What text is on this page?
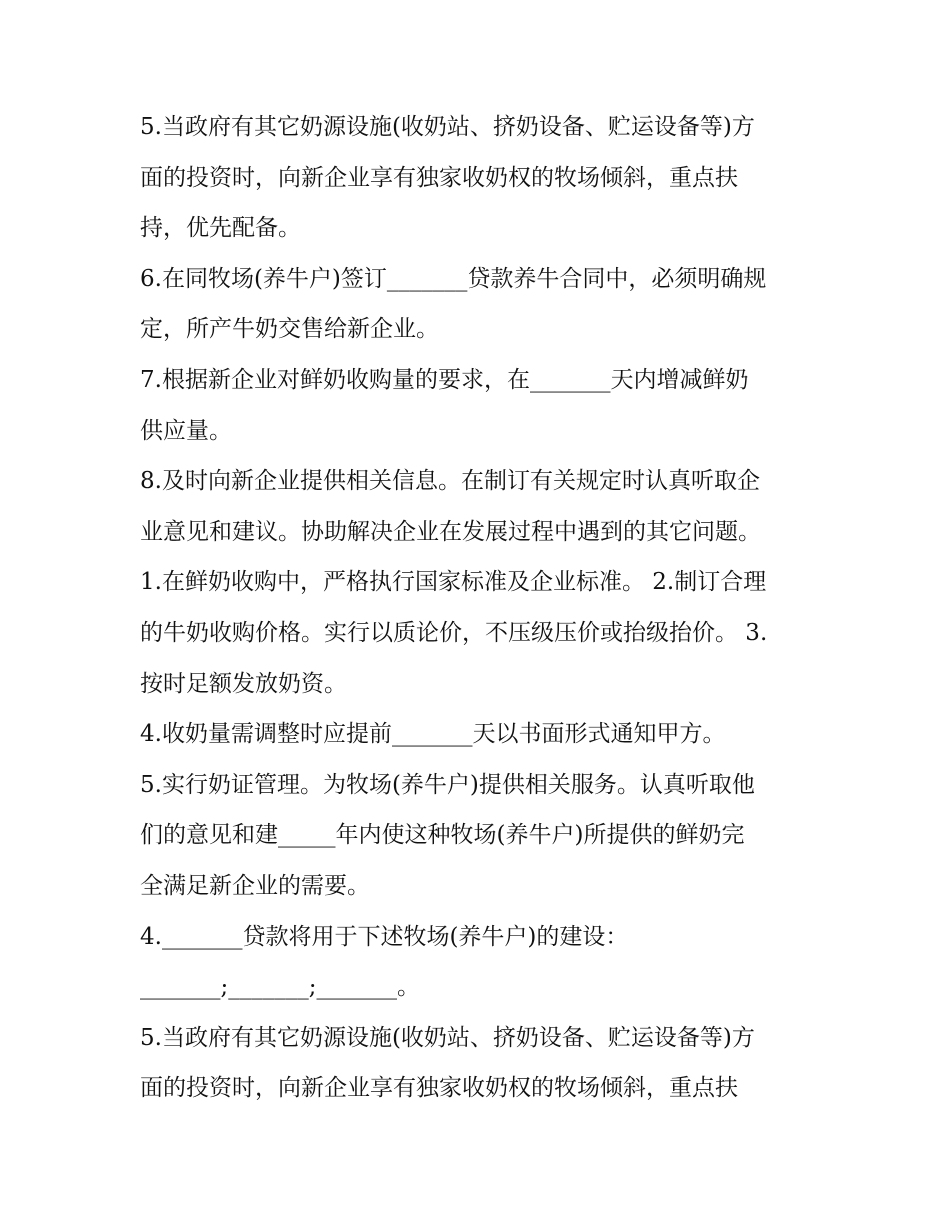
5.当政府有其它奶源设施(收奶站、挤奶设备、贮运设备等)方
面的投资时，向新企业享有独家收奶权的牧场倾斜，重点扶
持，优先配备。
6.在同牧场(养牛户)签订_______贷款养牛合同中，必须明确规
定，所产牛奶交售给新企业。
7.根据新企业对鲜奶收购量的要求，在_______天内增减鲜奶
供应量。
8.及时向新企业提供相关信息。在制订有关规定时认真听取企
业意见和建议。协助解决企业在发展过程中遇到的其它问题。
1.在鲜奶收购中，严格执行国家标准及企业标准。 2.制订合理
的牛奶收购价格。实行以质论价，不压级压价或抬级抬价。 3.
按时足额发放奶资。
4.收奶量需调整时应提前_______天以书面形式通知甲方。
5.实行奶证管理。为牧场(养牛户)提供相关服务。认真听取他
们的意见和建_____年内使这种牧场(养牛户)所提供的鲜奶完
全满足新企业的需要。
4._______贷款将用于下述牧场(养牛户)的建设：
_______;_______;_______。
5.当政府有其它奶源设施(收奶站、挤奶设备、贮运设备等)方
面的投资时，向新企业享有独家收奶权的牧场倾斜，重点扶
